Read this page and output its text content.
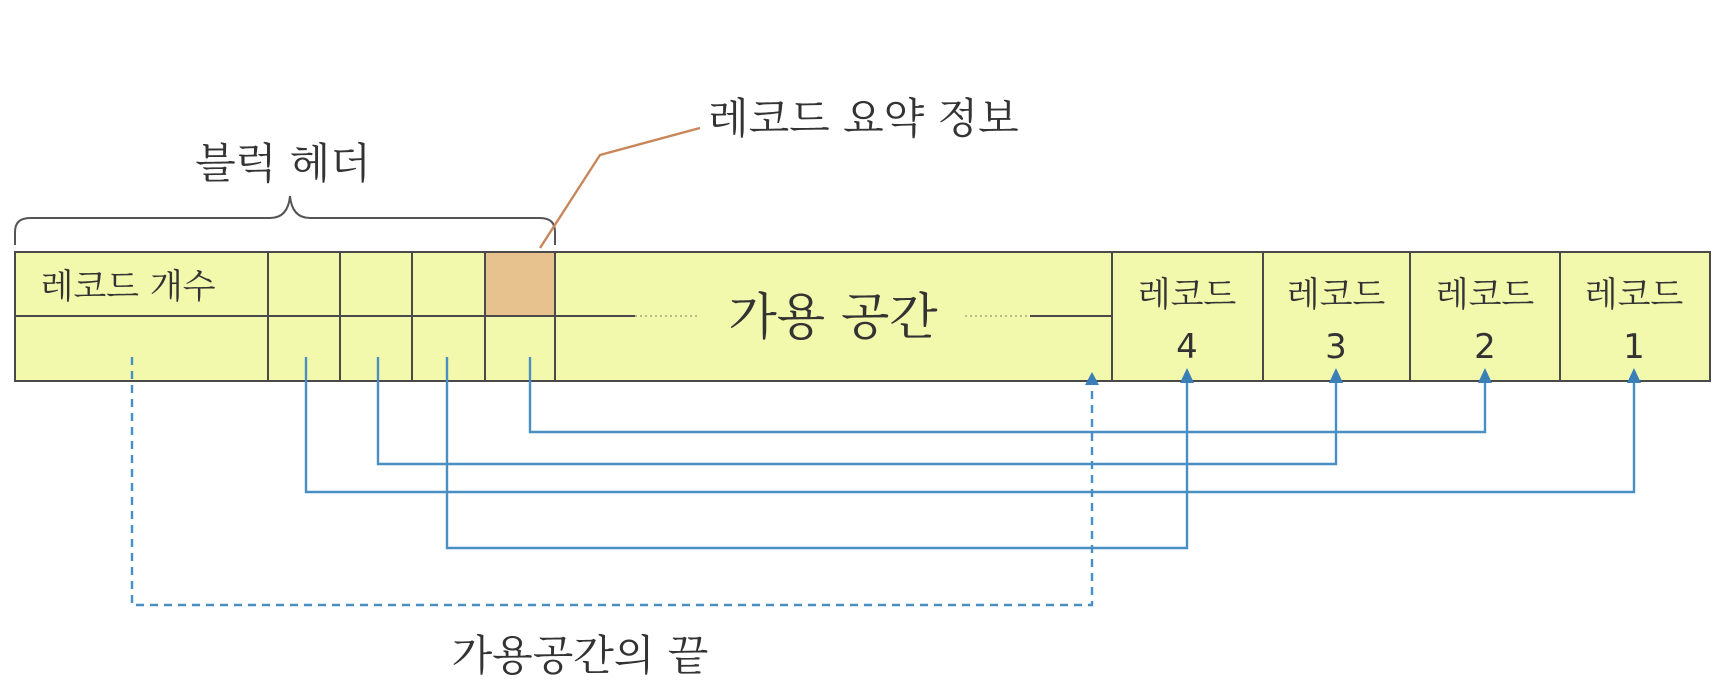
레코드 개수
가용 공간	레코드
4
레코드
3
레코드
2
레코드
1
블럭 헤더
레코드 요약 정보
가용공간의 끝
